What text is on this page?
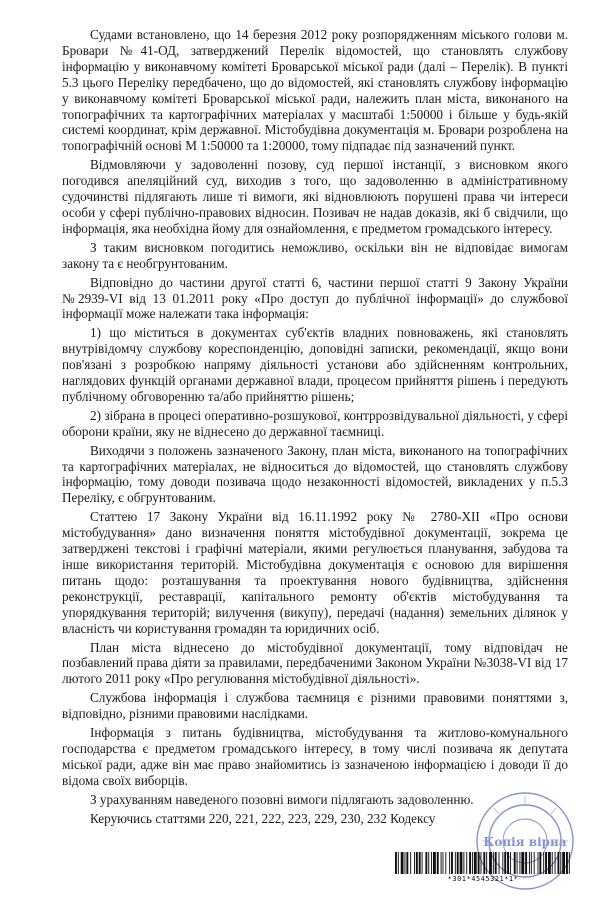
Судами встановлено, що 14 березня 2012 року розпорядженням міського голови м. Бровари №41-ОД, затверджений Перелік відомостей, що становлять службову інформацію у виконавчому комітеті Броварської міської ради (далі – Перелік). В пункті 5.3 цього Переліку передбачено, що до відомостей, які становлять службову інформацію у виконавчому комітеті Броварської міської ради, належить план міста, виконаного на топографічних та картографічних матеріалах у масштабі 1:50000 і більше у будь-якій системі координат, крім державної. Містобудівна документація м. Бровари розроблена на топографічній основі М 1:50000 та 1:20000, тому підпадає під зазначений пункт.

Відмовляючи у задоволенні позову, суд першої інстанції, з висновком якого погодився апеляційний суд, виходив з того, що задоволенню в адміністративному судочинстві підлягають лише ті вимоги, які відновлюють порушені права чи інтереси особи у сфері публічно-правових відносин. Позивач не надав доказів, які б свідчили, що інформація, яка необхідна йому для ознайомлення, є предметом громадського інтересу.

З таким висновком погодитись неможливо, оскільки він не відповідає вимогам закону та є необгрунтованим.

Відповідно до частини другої статті 6, частини першої статті 9 Закону України №2939-VI від 13 01.2011 року «Про доступ до публічної інформації» до службової інформації може належати така інформація:

1) що міститься в документах суб'єктів владних повноважень, які становлять внутрівідомчу службову кореспонденцію, доповідні записки, рекомендації, якщо вони пов'язані з розробкою напряму діяльності установи або здійсненням контрольних, наглядових функцій органами державної влади, процесом прийняття рішень і передують публічному обговоренню та/або прийняттю рішень;

2) зібрана в процесі оперативно-розшукової, контррозвідувальної діяльності, у сфері оборони країни, яку не віднесено до державної таємниці.

Виходячи з положень зазначеного Закону, план міста, виконаного на топографічних та картографічних матеріалах, не відноситься до відомостей, що становлять службову інформацію, тому доводи позивача щодо незаконності відомостей, викладених у п.5.3 Переліку, є обгрунтованим.

Статтею 17 Закону України від 16.11.1992 року № 2780-XII «Про основи містобудування» дано визначення поняття містобудівної документації, зокрема це затверджені текстові і графічні матеріали, якими регулюється планування, забудова та інше використання територій. Містобудівна документація є основою для вирішення питань щодо: розташування та проектування нового будівництва, здійснення реконструкції, реставрації, капітального ремонту об'єктів містобудування та упорядкування територій; вилучення (викупу), передачі (надання) земельних ділянок у власність чи користування громадян та юридичних осіб.

План міста віднесено до містобудівної документації, тому відповідач не позбавлений права діяти за правилами, передбаченими Законом України №3038-VI від 17 лютого 2011 року «Про регулювання містобудівної діяльності».

Службова інформація і службова таємниця є різними правовими поняттями з, відповідно, різними правовими наслідками.

Інформація з питань будівництва, містобудування та житлово-комунального господарства є предметом громадського інтересу, в тому числі позивача як депутата міської ради, адже він має право знайомитись із зазначеною інформацією і доводи її до відома своїх виборців.

З урахуванням наведеного позовні вимоги підлягають задоволенню.

Керуючись статтями 220, 221, 222, 223, 229, 230, 232 Кодексу

Копія вірна
*301*4545321*1*
